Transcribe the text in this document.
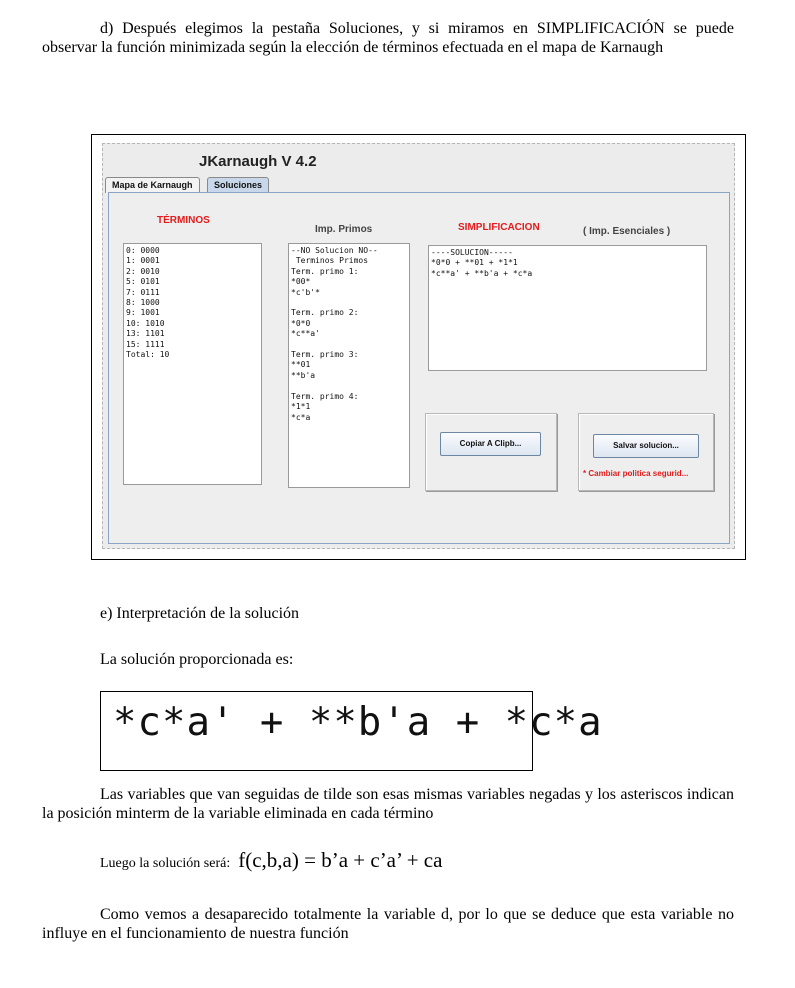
d) Después elegimos la pestaña Soluciones, y si miramos en SIMPLIFICACIÓN se puede observar la función minimizada según la elección de términos efectuada en el mapa de Karnaugh
JKarnaugh V 4.2
Mapa de Karnaugh	Soluciones
TÉRMINOS
Imp. Primos	SIMPLIFICACION	( Imp. Esenciales )
0: 0000
1: 0001
2: 0010
5: 0101
7: 0111
8: 1000
9: 1001
10: 1010
13: 1101
15: 1111
Total: 10
--NO Solucion NO--
Terminos Primos
Term. primo 1:
*00*
*c'b'*

Term. primo 2:
*0*0
*c**a'

Term. primo 3:
**01
**b'a

Term. primo 4:
*1*1
*c*a
----SOLUCION-----
*0*0 + **01 + *1*1
*c**a' + **b'a + *c*a
Copiar A Clipb...	Salvar solucion...
* Cambiar politica segurid...
e) Interpretación de la solución
La solución proporcionada es:
*c*a' + **b'a + *c*a
Las variables que van seguidas de tilde son esas mismas variables negadas y los asteriscos indican la posición minterm de la variable eliminada en cada término
Luego la solución será: f(c,b,a) = b’a + c’a’ + ca
Como vemos a desaparecido totalmente la variable d, por lo que se deduce que esta variable no influye en el funcionamiento de nuestra función
